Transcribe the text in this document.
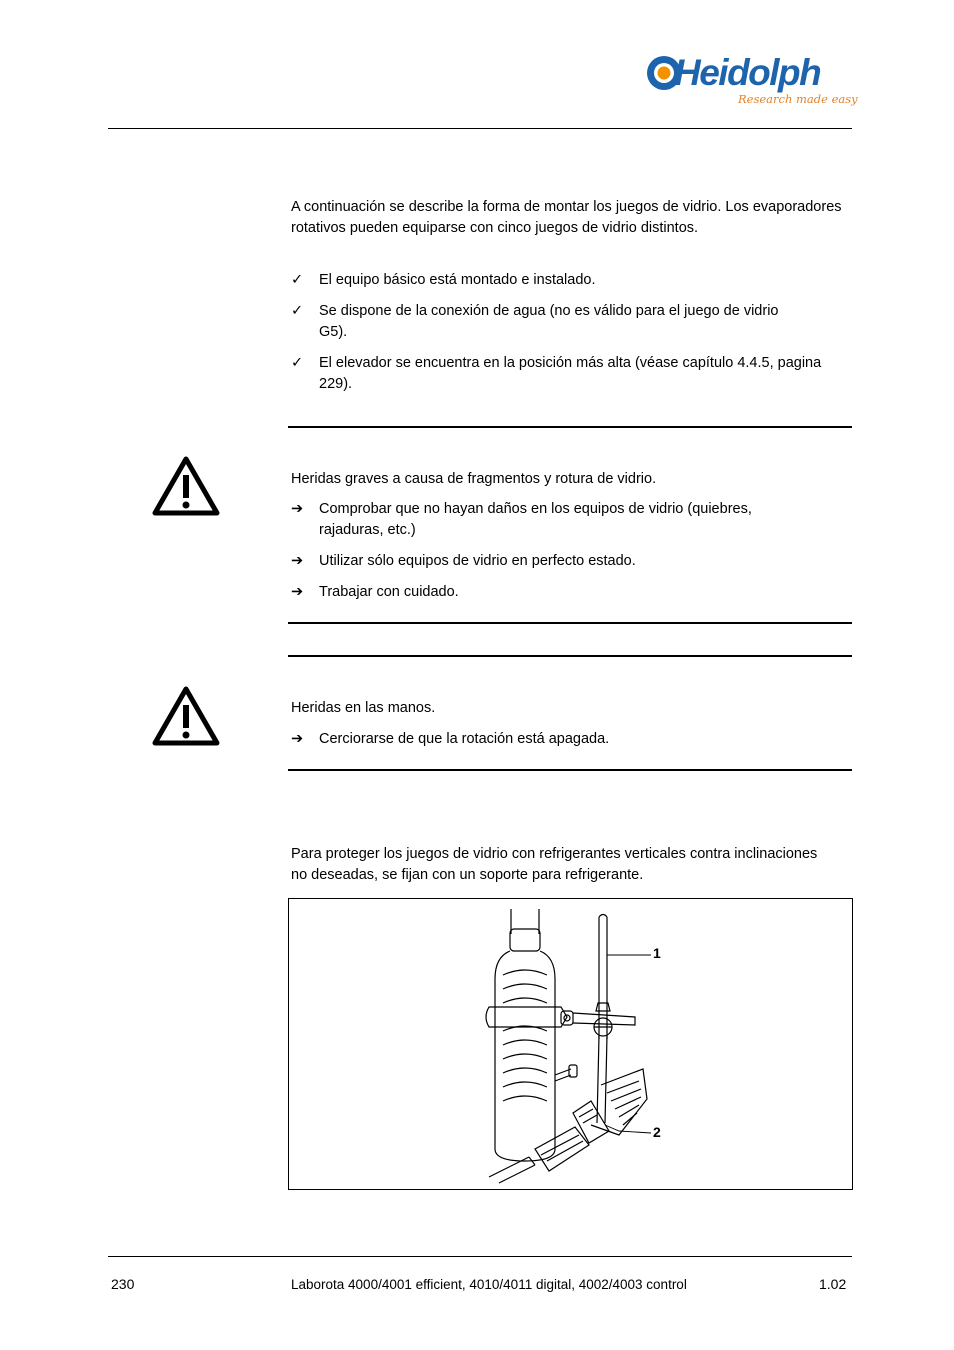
Heidolph
Research made easy
A continuación se describe la forma de montar los juegos de vidrio. Los evaporadores rotativos pueden equiparse con cinco juegos de vidrio distintos.
✓	El equipo básico está montado e instalado.
✓	Se dispone de la conexión de agua (no es válido para el juego de vidrio G5).
✓	El elevador se encuentra en la posición más alta (véase capítulo 4.4.5, pagina 229).
Heridas graves a causa de fragmentos y rotura de vidrio.
➔	Comprobar que no hayan daños en los equipos de vidrio (quiebres, rajaduras, etc.)
➔	Utilizar sólo equipos de vidrio en perfecto estado.
➔	Trabajar con cuidado.
Heridas en las manos.
➔	Cerciorarse de que la rotación está apagada.
Para proteger los juegos de vidrio con refrigerantes verticales contra inclinaciones no deseadas, se fijan con un soporte para refrigerante.
1
2
230	Laborota 4000/4001 efficient, 4010/4011 digital, 4002/4003 control	1.02
